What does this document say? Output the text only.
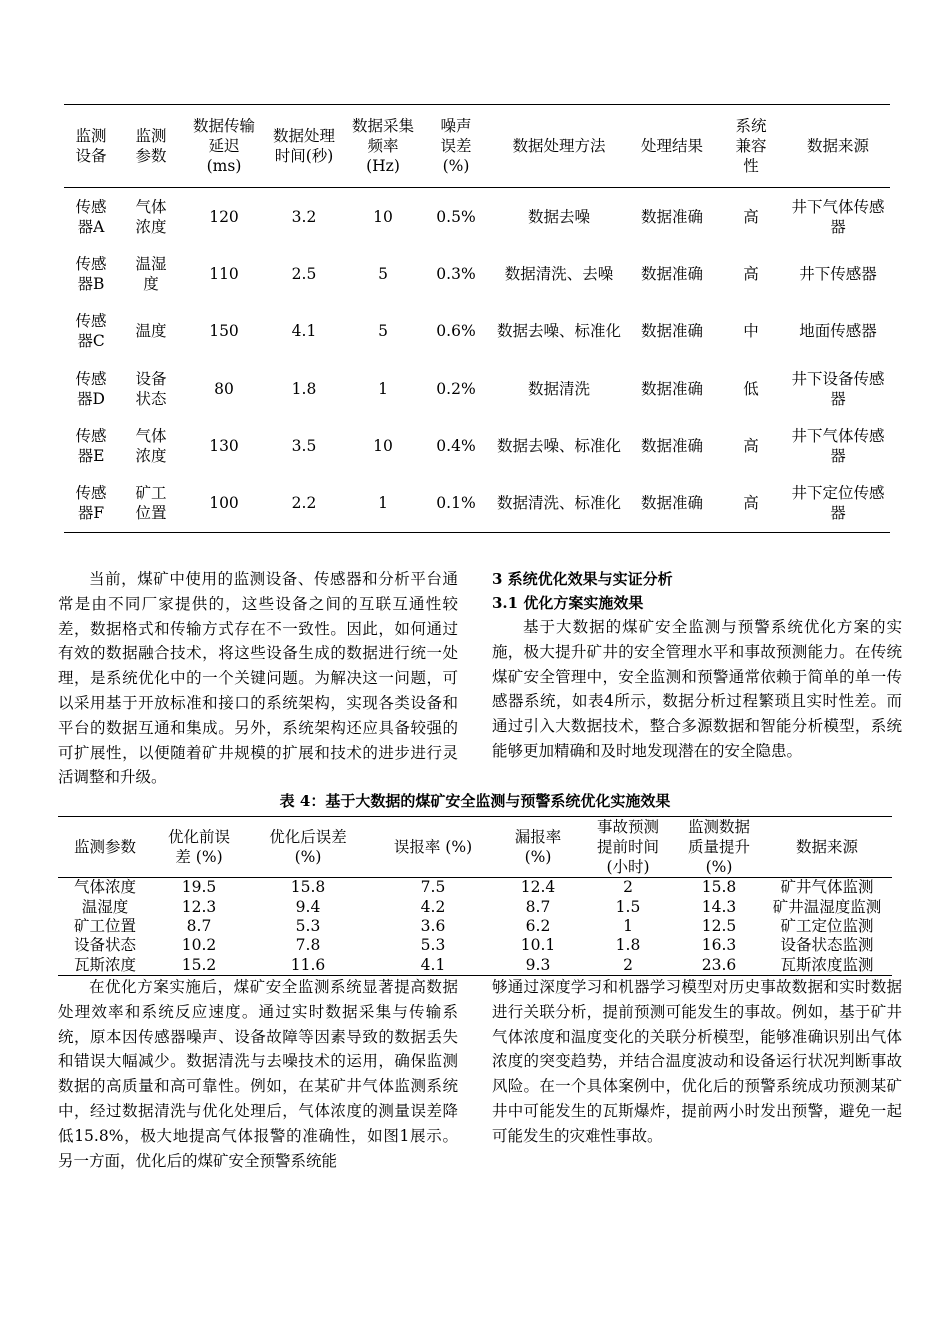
监测设备	监测参数	数据传输延迟(ms)	数据处理时间(秒)	数据采集频率(Hz)	噪声误差(%)	数据处理方法	处理结果	系统兼容性	数据来源
传感器A	气体浓度	120	3.2	10	0.5%	数据去噪	数据准确	高	井下气体传感器
传感器B	温湿度	110	2.5	5	0.3%	数据清洗、去噪	数据准确	高	井下传感器
传感器C	温度	150	4.1	5	0.6%	数据去噪、标准化	数据准确	中	地面传感器
传感器D	设备状态	80	1.8	1	0.2%	数据清洗	数据准确	低	井下设备传感器
传感器E	气体浓度	130	3.5	10	0.4%	数据去噪、标准化	数据准确	高	井下气体传感器
传感器F	矿工位置	100	2.2	1	0.1%	数据清洗、标准化	数据准确	高	井下定位传感器

当前，煤矿中使用的监测设备、传感器和分析平台通常是由不同厂家提供的，这些设备之间的互联互通性较差，数据格式和传输方式存在不一致性。因此，如何通过有效的数据融合技术，将这些设备生成的数据进行统一处理，是系统优化中的一个关键问题。为解决这一问题，可以采用基于开放标准和接口的系统架构，实现各类设备和平台的数据互通和集成。另外，系统架构还应具备较强的可扩展性，以便随着矿井规模的扩展和技术的进步进行灵活调整和升级。

3 系统优化效果与实证分析

3.1 优化方案实施效果

基于大数据的煤矿安全监测与预警系统优化方案的实施，极大提升矿井的安全管理水平和事故预测能力。在传统煤矿安全管理中，安全监测和预警通常依赖于简单的单一传感器系统，如表4所示，数据分析过程繁琐且实时性差。而通过引入大数据技术，整合多源数据和智能分析模型，系统能够更加精确和及时地发现潜在的安全隐患。

表 4：基于大数据的煤矿安全监测与预警系统优化实施效果
监测参数	优化前误差 (%)	优化后误差 (%)	误报率 (%)	漏报率 (%)	事故预测提前时间 (小时)	监测数据质量提升 (%)	数据来源
气体浓度	19.5	15.8	7.5	12.4	2	15.8	矿井气体监测
温湿度	12.3	9.4	4.2	8.7	1.5	14.3	矿井温湿度监测
矿工位置	8.7	5.3	3.6	6.2	1	12.5	矿工定位监测
设备状态	10.2	7.8	5.3	10.1	1.8	16.3	设备状态监测
瓦斯浓度	15.2	11.6	4.1	9.3	2	23.6	瓦斯浓度监测

在优化方案实施后，煤矿安全监测系统显著提高数据处理效率和系统反应速度。通过实时数据采集与传输系统，原本因传感器噪声、设备故障等因素导致的数据丢失和错误大幅减少。数据清洗与去噪技术的运用，确保监测数据的高质量和高可靠性。例如，在某矿井气体监测系统中，经过数据清洗与优化处理后，气体浓度的测量误差降低15.8%，极大地提高气体报警的准确性，如图1展示。另一方面，优化后的煤矿安全预警系统能

够通过深度学习和机器学习模型对历史事故数据和实时数据进行关联分析，提前预测可能发生的事故。例如，基于矿井气体浓度和温度变化的关联分析模型，能够准确识别出气体浓度的突变趋势，并结合温度波动和设备运行状况判断事故风险。在一个具体案例中，优化后的预警系统成功预测某矿井中可能发生的瓦斯爆炸，提前两小时发出预警，避免一起可能发生的灾难性事故。
